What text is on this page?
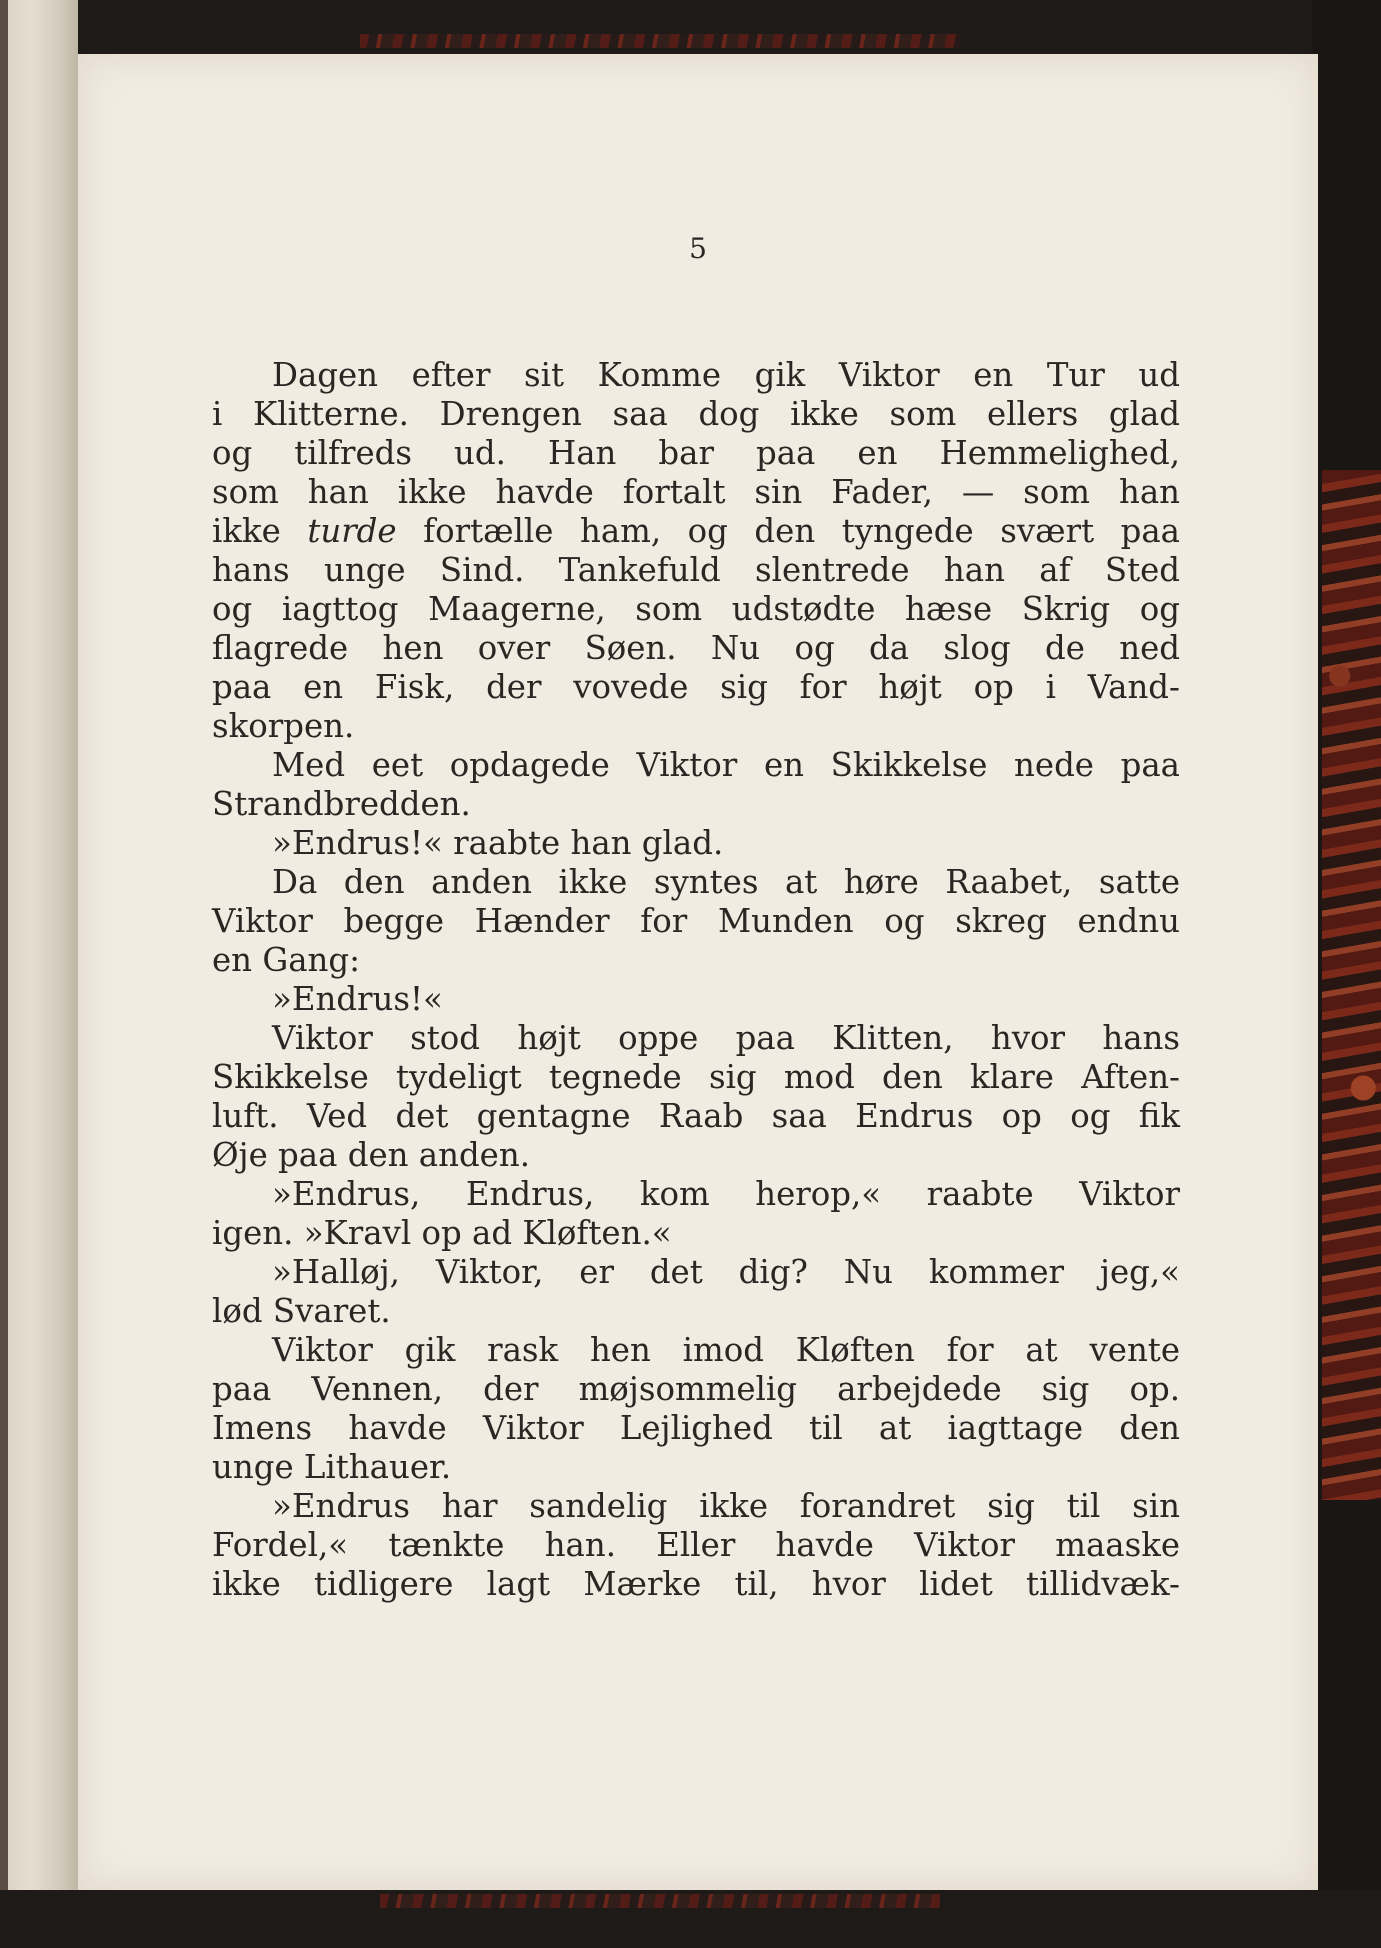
5
Dagen efter sit Komme gik Viktor en Tur ud
i Klitterne. Drengen saa dog ikke som ellers glad
og tilfreds ud. Han bar paa en Hemmelighed,
som han ikke havde fortalt sin Fader, — som han
ikke turde fortælle ham, og den tyngede svært paa
hans unge Sind. Tankefuld slentrede han af Sted
og iagttog Maagerne, som udstødte hæse Skrig og
flagrede hen over Søen. Nu og da slog de ned
paa en Fisk, der vovede sig for højt op i Vand-
skorpen.
Med eet opdagede Viktor en Skikkelse nede paa
Strandbredden.
»Endrus!« raabte han glad.
Da den anden ikke syntes at høre Raabet, satte
Viktor begge Hænder for Munden og skreg endnu
en Gang:
»Endrus!«
Viktor stod højt oppe paa Klitten, hvor hans
Skikkelse tydeligt tegnede sig mod den klare Aften-
luft. Ved det gentagne Raab saa Endrus op og fik
Øje paa den anden.
»Endrus, Endrus, kom herop,« raabte Viktor
igen. »Kravl op ad Kløften.«
»Halløj, Viktor, er det dig? Nu kommer jeg,«
lød Svaret.
Viktor gik rask hen imod Kløften for at vente
paa Vennen, der møjsommelig arbejdede sig op.
Imens havde Viktor Lejlighed til at iagttage den
unge Lithauer.
»Endrus har sandelig ikke forandret sig til sin
Fordel,« tænkte han. Eller havde Viktor maaske
ikke tidligere lagt Mærke til, hvor lidet tillidvæk-
